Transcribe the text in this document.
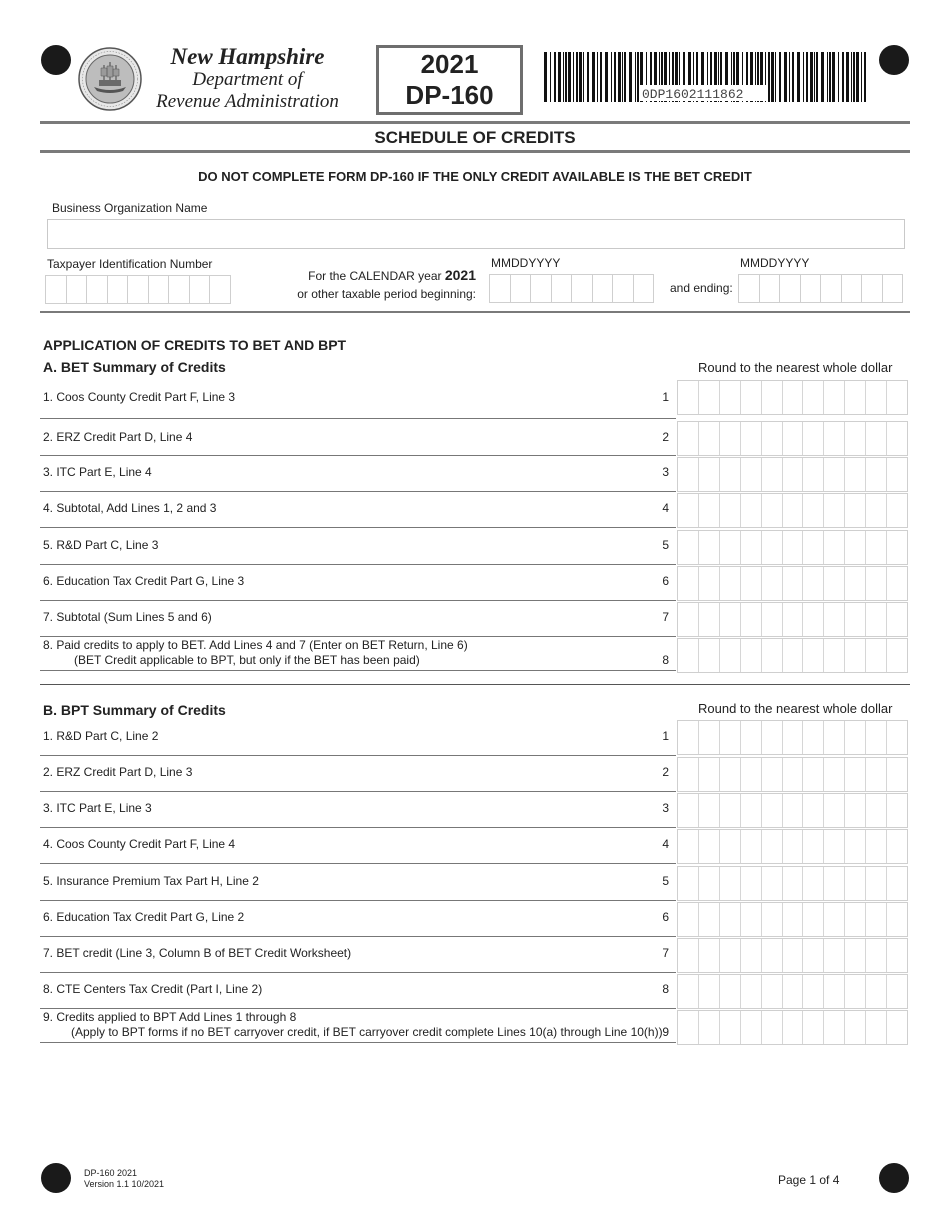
New Hampshire
Department of
Revenue Administration
2021
DP-160	0DP1602111862
SCHEDULE OF CREDITS
DO NOT COMPLETE FORM DP-160 IF THE ONLY CREDIT AVAILABLE IS THE BET CREDIT
Business Organization Name
Taxpayer Identification Number
For the CALENDAR year 2021
or other taxable period beginning:
MMDDYYYY
and ending:
MMDDYYYY
APPLICATION OF CREDITS TO BET AND BPT
A. BET Summary of Credits	Round to the nearest whole dollar
1. Coos County Credit Part F, Line 3	1
2. ERZ Credit Part D, Line 4	2
3. ITC Part E, Line 4	3
4. Subtotal, Add Lines 1, 2 and 3	4
5. R&D Part C, Line 3	5
6. Education Tax Credit Part G, Line 3	6
7. Subtotal (Sum Lines 5 and 6)	7
8. Paid credits to apply to BET. Add Lines 4 and 7 (Enter on BET Return, Line 6)
(BET Credit applicable to BPT, but only if the BET has been paid)	8
B. BPT Summary of Credits	Round to the nearest whole dollar
1. R&D Part C, Line 2	1
2. ERZ Credit Part D, Line 3	2
3. ITC Part E, Line 3	3
4. Coos County Credit Part F, Line 4	4
5. Insurance Premium Tax Part H, Line 2	5
6. Education Tax Credit Part G, Line 2	6
7. BET credit (Line 3, Column B of BET Credit Worksheet)	7
8. CTE Centers Tax Credit (Part I, Line 2)	8
9. Credits applied to BPT Add Lines 1 through 8
(Apply to BPT forms if no BET carryover credit, if BET carryover credit complete Lines 10(a) through Line 10(h)) 9
DP-160 2021
Version 1.1 10/2021	Page 1 of 4
